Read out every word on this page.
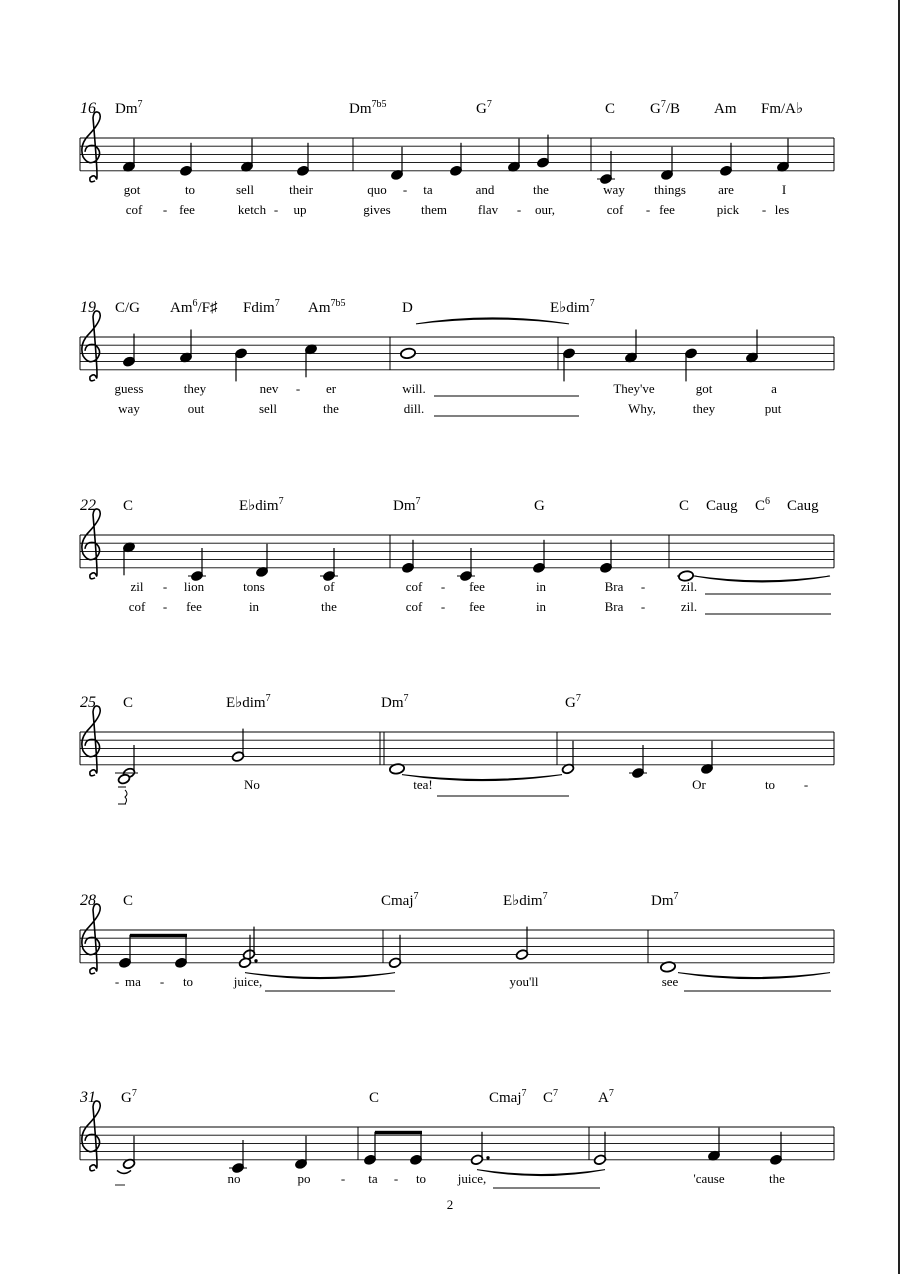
16 Dm$^7$	$Dm^{7b5}$	$G^7$	C $G^7/B$ Am Fm/A♭
got	to	sell	their	quo - ta	and	the	way things are	I
cof - fee	ketch - up	gives them flav - our,	cof - fee	pick - les
19 C/G Am$^6$/F♯ Fdim$^7$ $Am^{7b5}$	D	E♭dim$^7$
guess	they	nev - er	will.	They've	got	a
way	out	sell	the	dill.	Why,	they	put
22 C	E♭dim$^7$	Dm$^7$	G	C Caug $C^6$ Caug
zil - lion	tons	of	cof - fee	in	Bra -	zil.
cof - fee	in	the	cof - fee	in	Bra -	zil.
25 C	E♭dim$^7$	Dm$^7$	$G^7$
No	tea!	Or	to -
28 C	Cmaj$^7$	E♭dim$^7$	Dm$^7$
- ma - to	juice,	you'll	see
31 $G^7$	C	Cmaj$^7$ $C^7$	$A^7$
no	po - ta - to juice,	'cause	the
2
